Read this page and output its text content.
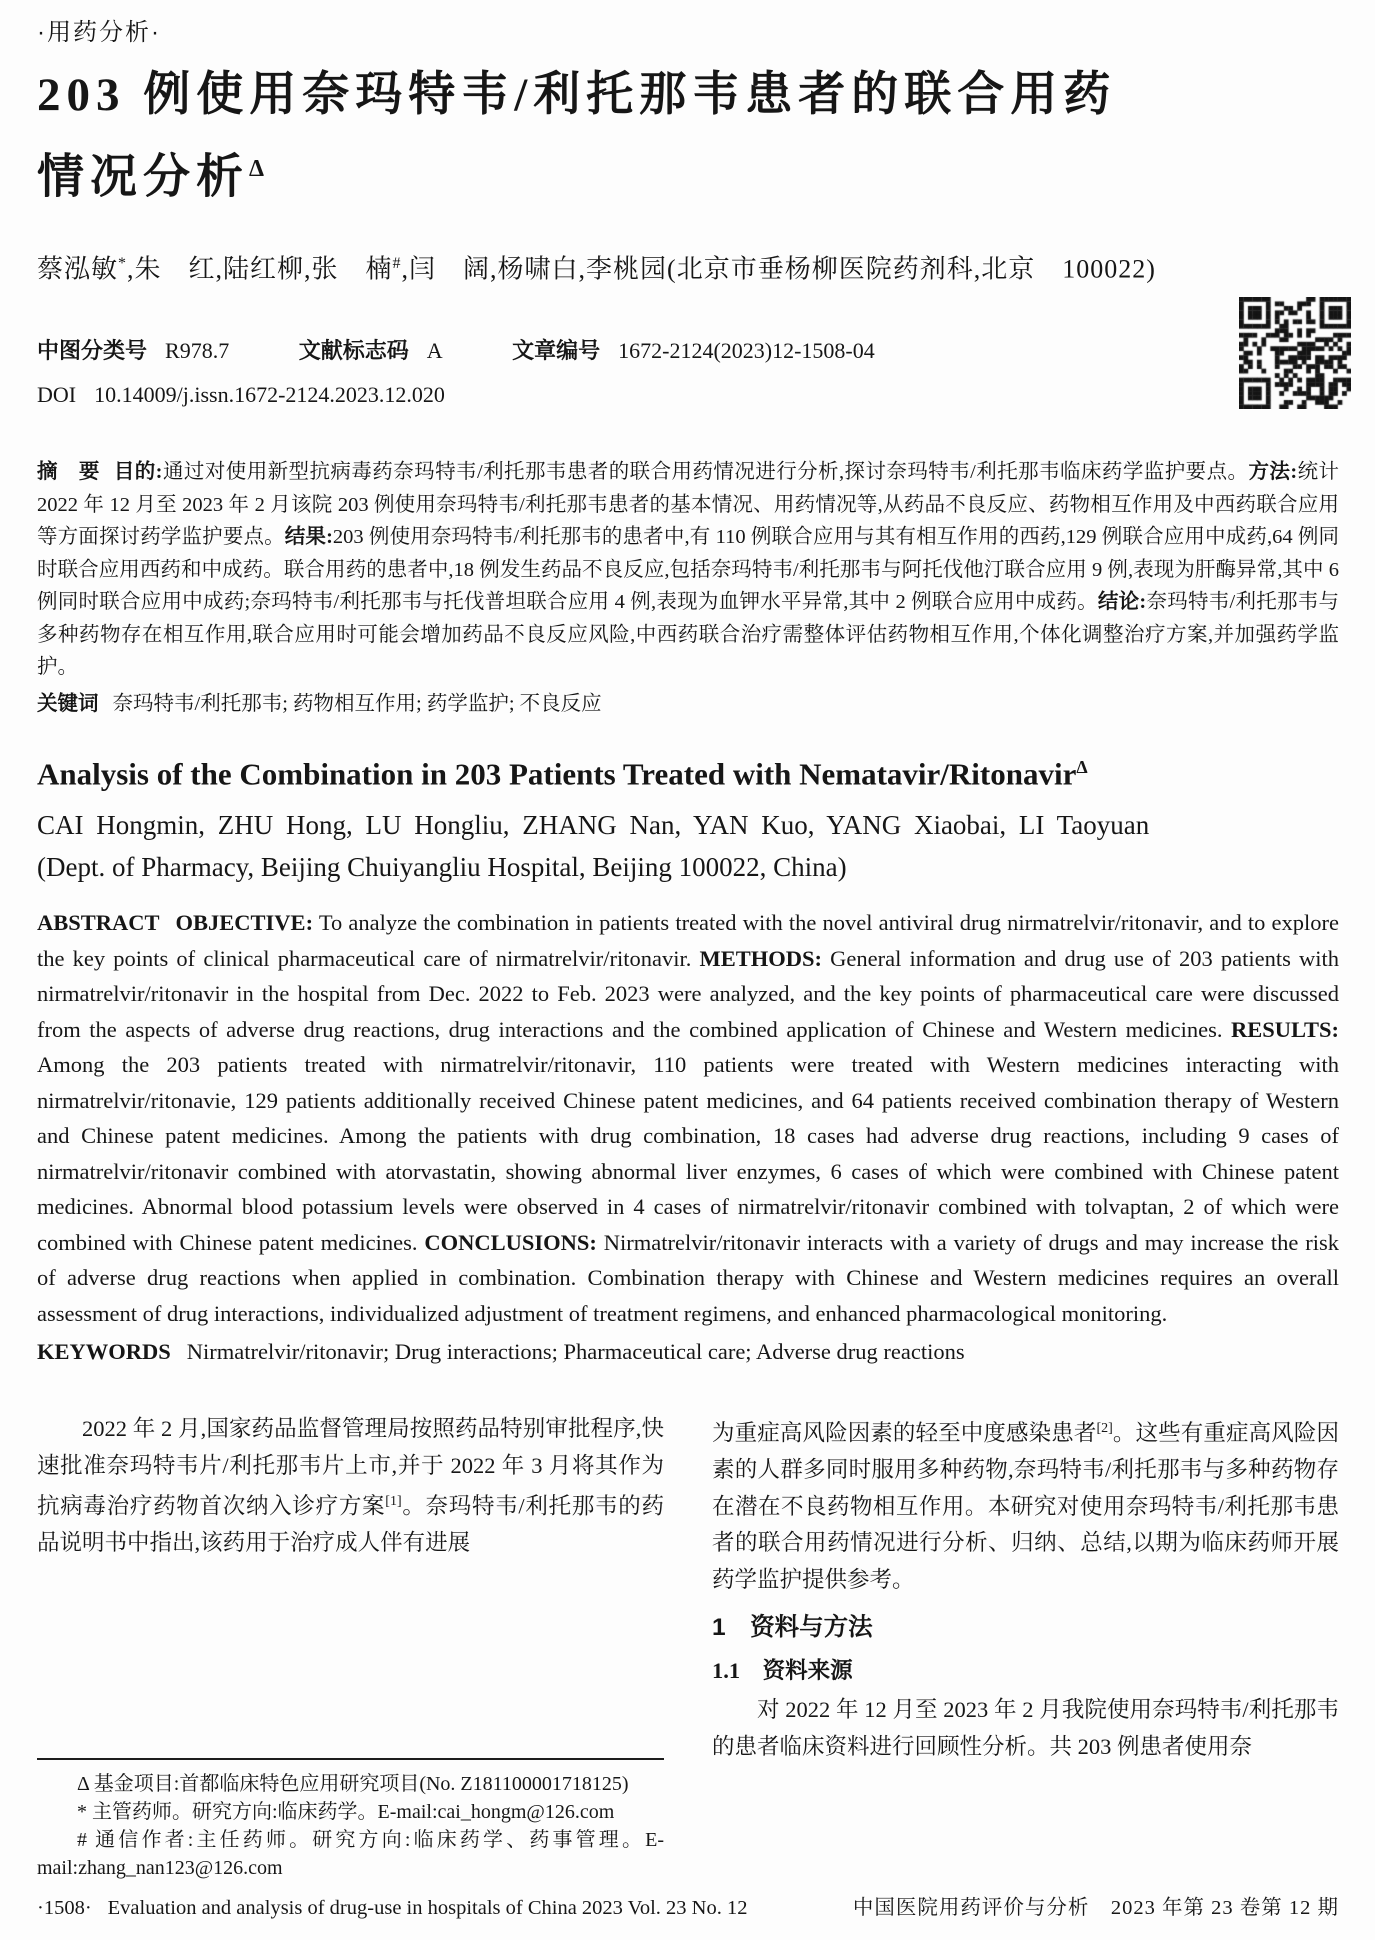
·用药分析·
203 例使用奈玛特韦/利托那韦患者的联合用药
情况分析$^\Delta$
蔡泓敏*,朱　红,陆红柳,张　楠#,闫　阔,杨啸白,李桃园(北京市垂杨柳医院药剂科,北京　100022)
中图分类号 R978.7	文献标志码 A	文章编号 1672-2124(2023)12-1508-04
DOI 10.14009/j.issn.1672-2124.2023.12.020

摘　要 目的:通过对使用新型抗病毒药奈玛特韦/利托那韦患者的联合用药情况进行分析,探讨奈玛特韦/利托那韦临床药学监护要点。方法:统计 2022 年 12 月至 2023 年 2 月该院 203 例使用奈玛特韦/利托那韦患者的基本情况、用药情况等,从药品不良反应、药物相互作用及中西药联合应用等方面探讨药学监护要点。结果:203 例使用奈玛特韦/利托那韦的患者中,有 110 例联合应用与其有相互作用的西药,129 例联合应用中成药,64 例同时联合应用西药和中成药。联合用药的患者中,18 例发生药品不良反应,包括奈玛特韦/利托那韦与阿托伐他汀联合应用 9 例,表现为肝酶异常,其中 6 例同时联合应用中成药;奈玛特韦/利托那韦与托伐普坦联合应用 4 例,表现为血钾水平异常,其中 2 例联合应用中成药。结论:奈玛特韦/利托那韦与多种药物存在相互作用,联合应用时可能会增加药品不良反应风险,中西药联合治疗需整体评估药物相互作用,个体化调整治疗方案,并加强药学监护。

关键词 奈玛特韦/利托那韦; 药物相互作用; 药学监护; 不良反应

Analysis of the Combination in 203 Patients Treated with Nematavir/Ritonavir$^\Delta$
CAI Hongmin, ZHU Hong, LU Hongliu, ZHANG Nan, YAN Kuo, YANG Xiaobai, LI Taoyuan
(Dept. of Pharmacy, Beijing Chuiyangliu Hospital, Beijing 100022, China)

ABSTRACT OBJECTIVE: To analyze the combination in patients treated with the novel antiviral drug nirmatrelvir/ritonavir, and to explore the key points of clinical pharmaceutical care of nirmatrelvir/ritonavir. METHODS: General information and drug use of 203 patients with nirmatrelvir/ritonavir in the hospital from Dec. 2022 to Feb. 2023 were analyzed, and the key points of pharmaceutical care were discussed from the aspects of adverse drug reactions, drug interactions and the combined application of Chinese and Western medicines. RESULTS: Among the 203 patients treated with nirmatrelvir/ritonavir, 110 patients were treated with Western medicines interacting with nirmatrelvir/ritonavie, 129 patients additionally received Chinese patent medicines, and 64 patients received combination therapy of Western and Chinese patent medicines. Among the patients with drug combination, 18 cases had adverse drug reactions, including 9 cases of nirmatrelvir/ritonavir combined with atorvastatin, showing abnormal liver enzymes, 6 cases of which were combined with Chinese patent medicines. Abnormal blood potassium levels were observed in 4 cases of nirmatrelvir/ritonavir combined with tolvaptan, 2 of which were combined with Chinese patent medicines. CONCLUSIONS: Nirmatrelvir/ritonavir interacts with a variety of drugs and may increase the risk of adverse drug reactions when applied in combination. Combination therapy with Chinese and Western medicines requires an overall assessment of drug interactions, individualized adjustment of treatment regimens, and enhanced pharmacological monitoring.

KEYWORDS Nirmatrelvir/ritonavir; Drug interactions; Pharmaceutical care; Adverse drug reactions

2022 年 2 月,国家药品监督管理局按照药品特别审批程序,快速批准奈玛特韦片/利托那韦片上市,并于 2022 年 3 月将其作为抗病毒治疗药物首次纳入诊疗方案[1]。奈玛特韦/利托那韦的药品说明书中指出,该药用于治疗成人伴有进展

Δ 基金项目:首都临床特色应用研究项目(No. Z181100001718125)

* 主管药师。研究方向:临床药学。E-mail:cai_hongm@126.com

# 通信作者:主任药师。研究方向:临床药学、药事管理。E-mail:zhang_nan123@126.com

为重症高风险因素的轻至中度感染患者[2]。这些有重症高风险因素的人群多同时服用多种药物,奈玛特韦/利托那韦与多种药物存在潜在不良药物相互作用。本研究对使用奈玛特韦/利托那韦患者的联合用药情况进行分析、归纳、总结,以期为临床药师开展药学监护提供参考。

1　资料与方法
1.1　资料来源

对 2022 年 12 月至 2023 年 2 月我院使用奈玛特韦/利托那韦的患者临床资料进行回顾性分析。共 203 例患者使用奈

·1508· Evaluation and analysis of drug-use in hospitals of China 2023 Vol. 23 No. 12	中国医院用药评价与分析　2023 年第 23 卷第 12 期
